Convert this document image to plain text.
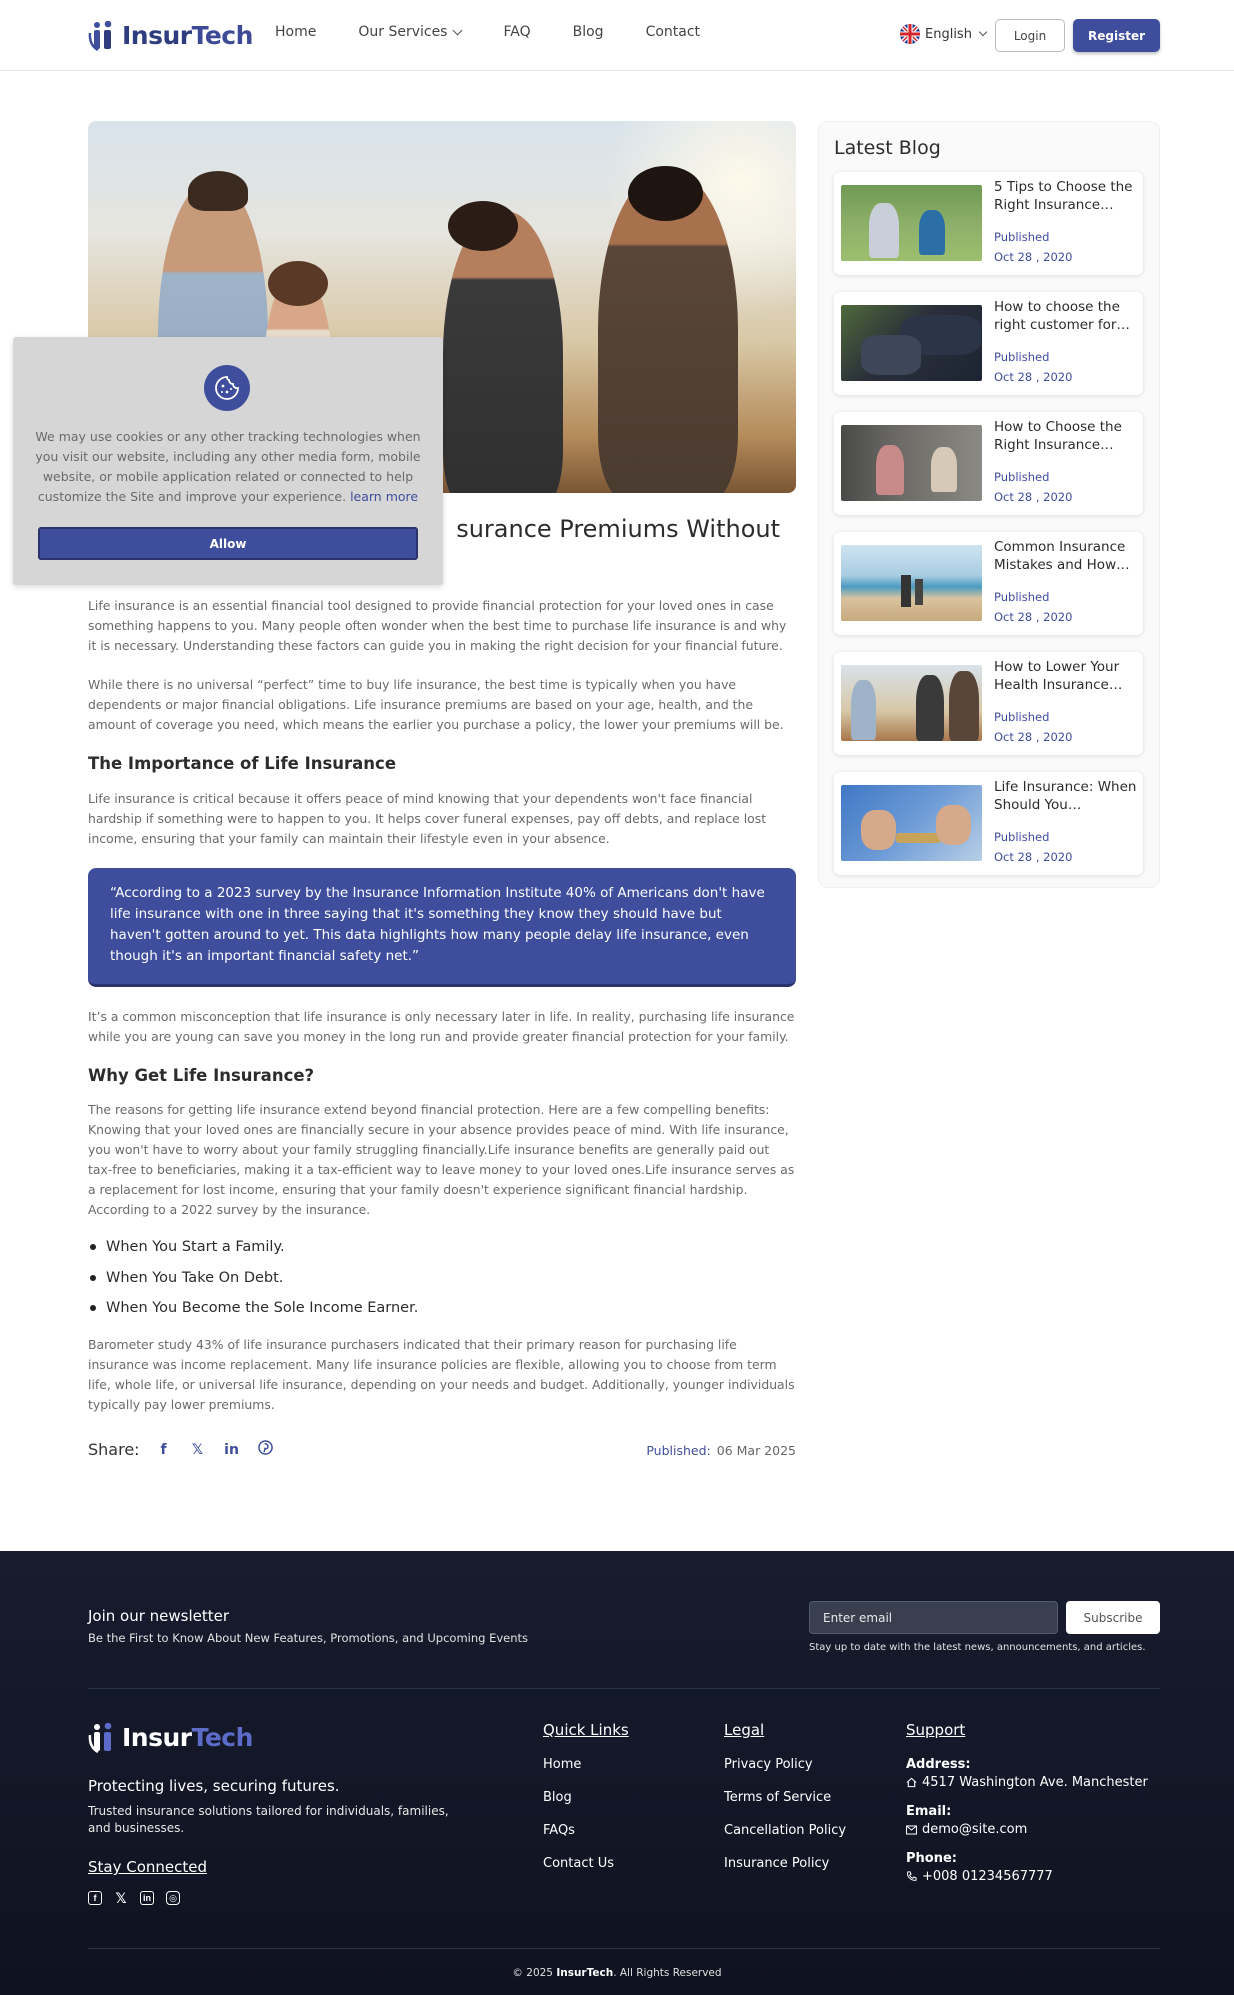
InsurTech Home	Our Services	FAQ	Blog	Contact	English	Login	Register
surance Premiums Without

Life insurance is an essential financial tool designed to provide financial protection for your loved ones in case something happens to you. Many people often wonder when the best time to purchase life insurance is and why it is necessary. Understanding these factors can guide you in making the right decision for your financial future.

While there is no universal “perfect” time to buy life insurance, the best time is typically when you have dependents or major financial obligations. Life insurance premiums are based on your age, health, and the amount of coverage you need, which means the earlier you purchase a policy, the lower your premiums will be.

The Importance of Life Insurance

Life insurance is critical because it offers peace of mind knowing that your dependents won't face financial hardship if something were to happen to you. It helps cover funeral expenses, pay off debts, and replace lost income, ensuring that your family can maintain their lifestyle even in your absence.

“According to a 2023 survey by the Insurance Information Institute 40% of Americans don't have life insurance with one in three saying that it's something they know they should have but haven't gotten around to yet. This data highlights how many people delay life insurance, even though it's an important financial safety net.”

It’s a common misconception that life insurance is only necessary later in life. In reality, purchasing life insurance while you are young can save you money in the long run and provide greater financial protection for your family.

Why Get Life Insurance?

The reasons for getting life insurance extend beyond financial protection. Here are a few compelling benefits: Knowing that your loved ones are financially secure in your absence provides peace of mind. With life insurance, you won't have to worry about your family struggling financially.Life insurance benefits are generally paid out tax-free to beneficiaries, making it a tax-efficient way to leave money to your loved ones.Life insurance serves as a replacement for lost income, ensuring that your family doesn't experience significant financial hardship. According to a 2022 survey by the insurance.

When You Start a Family.
When You Take On Debt.
When You Become the Sole Income Earner.

Barometer study 43% of life insurance purchasers indicated that their primary reason for purchasing life insurance was income replacement. Many life insurance policies are flexible, allowing you to choose from term life, whole life, or universal life insurance, depending on your needs and budget. Additionally, younger individuals typically pay lower premiums.

Share:	f	𝕏	in	Published: 06 Mar 2025
Latest Blog
5 Tips to Choose the Right Insurance…
Published
Oct 28 , 2020
How to choose the right customer for…
Published
Oct 28 , 2020
How to Choose the Right Insurance…
Published
Oct 28 , 2020
Common Insurance Mistakes and How…
Published
Oct 28 , 2020
How to Lower Your Health Insurance…
Published
Oct 28 , 2020
Life Insurance: When Should You…
Published
Oct 28 , 2020
We may use cookies or any other tracking technologies when you visit our website, including any other media form, mobile website, or mobile application related or connected to help customize the Site and improve your experience. learn more
Allow
Join our newsletter
Be the First to Know About New Features, Promotions, and Upcoming Events
Enter email
Subscribe
Stay up to date with the latest news, announcements, and articles.
InsurTech
Protecting lives, securing futures.
Trusted insurance solutions tailored for individuals, families, and businesses.
Stay Connected
f	𝕏	in	◎
Quick Links
Home
Blog
FAQs
Contact Us
Legal
Privacy Policy
Terms of Service
Cancellation Policy
Insurance Policy
Support
Address:
4517 Washington Ave. Manchester
Email:
demo@site.com
Phone:
+008 01234567777
© 2025 InsurTech. All Rights Reserved
